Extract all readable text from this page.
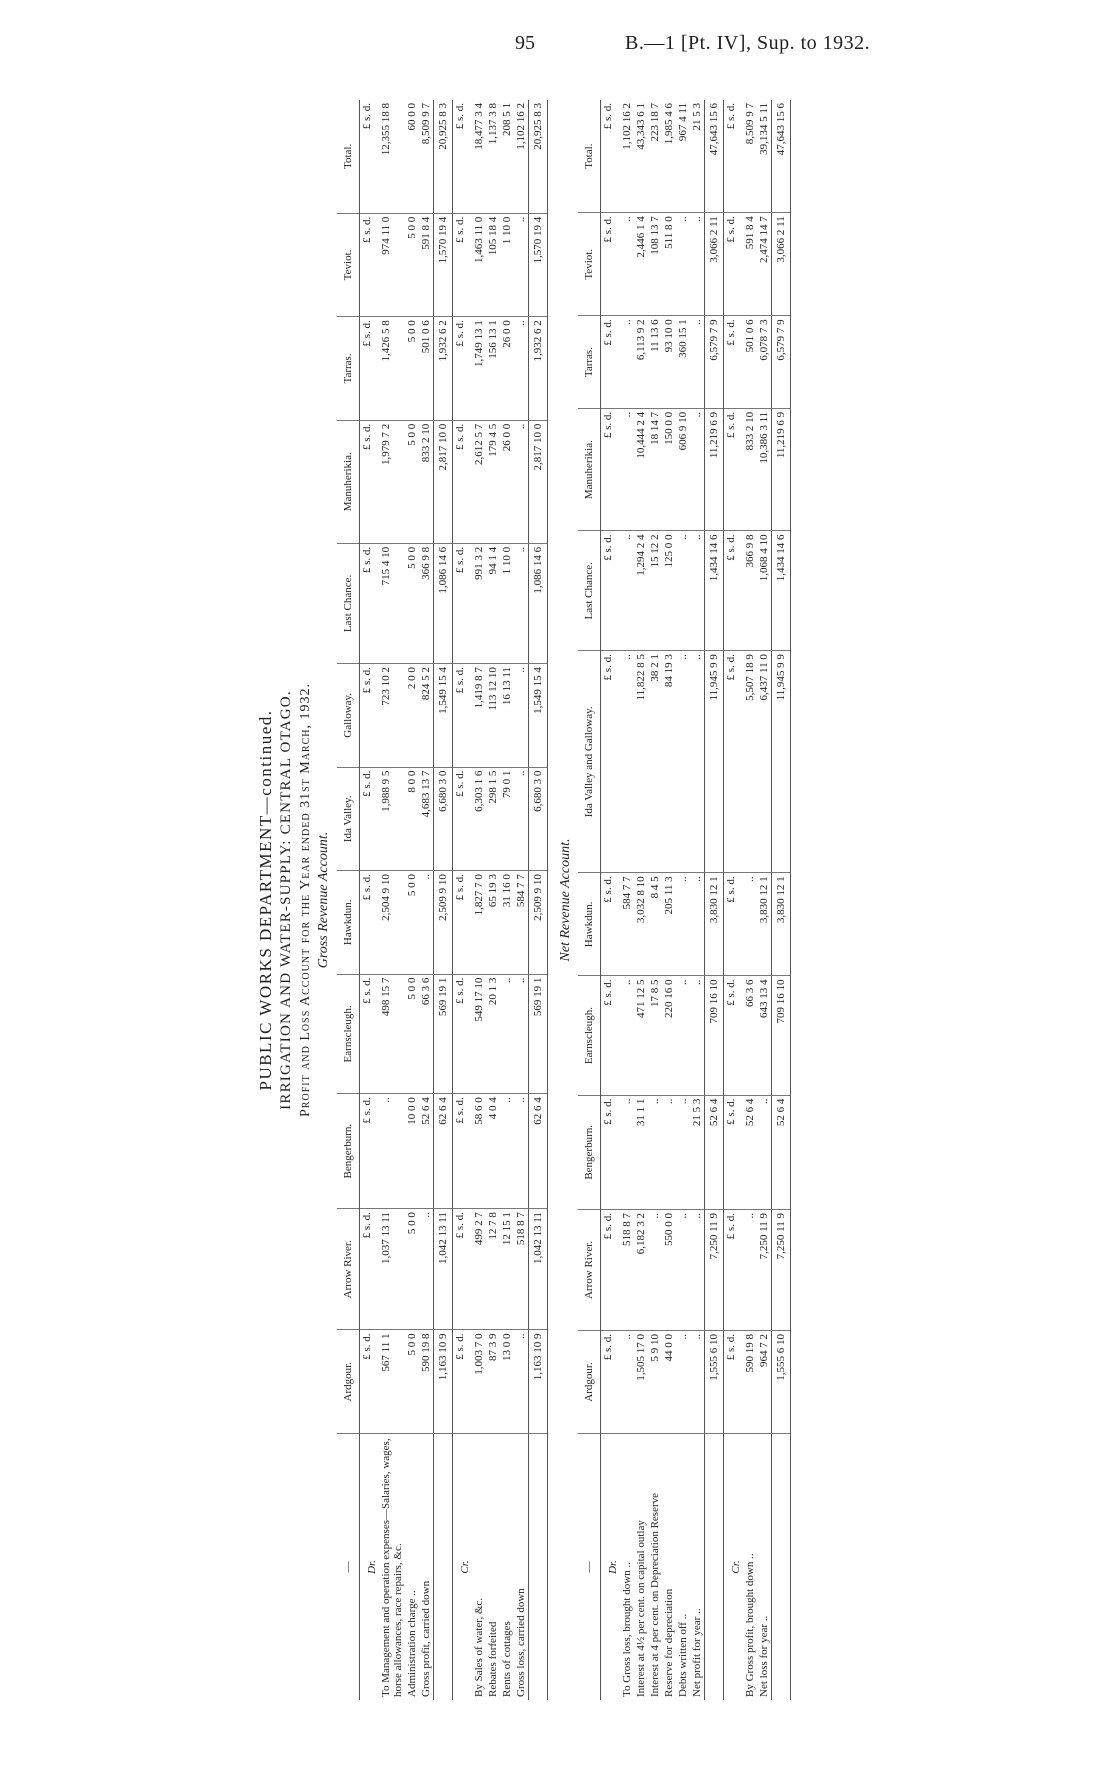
95	B.—1 [Pt. IV], Sup. to 1932.

PUBLIC WORKS DEPARTMENT—continued. IRRIGATION AND WATER-SUPPLY: CENTRAL OTAGO. Profit and Loss Account for the Year ended 31st March, 1932. Gross Revenue Account.

—	Ardgour.	Arrow River.	Bengerburn.	Earnscleugh.	Hawkdun.	Ida Valley.	Galloway.	Last Chance.	Manuherikia.	Tarras.	Teviot.	Total.
Dr.	£ s. d.	£ s. d.	£ s. d.	£ s. d.	£ s. d.	£ s. d.	£ s. d.	£ s. d.	£ s. d.	£ s. d.	£ s. d.	£ s. d.
To Management and operation expenses—Salaries, wages, horse allowances, race repairs, &c.	567 11 1	1,037 13 11	..	498 15 7	2,504 9 10	1,988 9 5	723 10 2	715 4 10	1,979 7 2	1,426 5 8	974 11 0	12,355 18 8
Administration charge ..	5 0 0	5 0 0	10 0 0	5 0 0	5 0 0	8 0 0	2 0 0	5 0 0	5 0 0	5 0 0	5 0 0	60 0 0
Gross profit, carried down	590 19 8	..	52 6 4	66 3 6	..	4,683 13 7	824 5 2	366 9 8	833 2 10	501 0 6	591 8 4	8,509 9 7
	1,163 10 9	1,042 13 11	62 6 4	569 19 1	2,509 9 10	6,680 3 0	1,549 15 4	1,086 14 6	2,817 10 0	1,932 6 2	1,570 19 4	20,925 8 3
Cr.	£ s. d.	£ s. d.	£ s. d.	£ s. d.	£ s. d.	£ s. d.	£ s. d.	£ s. d.	£ s. d.	£ s. d.	£ s. d.	£ s. d.
By Sales of water, &c.	1,003 7 0	499 2 7	58 6 0	549 17 10	1,827 7 0	6,303 1 6	1,419 8 7	991 3 2	2,612 5 7	1,749 13 1	1,463 11 0	18,477 3 4
Rebates forfeited	87 3 9	12 7 8	4 0 4	20 1 3	65 19 3	298 1 5	113 12 10	94 1 4	179 4 5	156 13 1	105 18 4	1,137 3 8
Rents of cottages	13 0 0	12 15 1	..	..	31 16 0	79 0 1	16 13 11	1 10 0	26 0 0	26 0 0	1 10 0	208 5 1
Gross loss, carried down	..	518 8 7	..	..	584 7 7	..	..	..	..	..	..	1,102 16 2
	1,163 10 9	1,042 13 11	62 6 4	569 19 1	2,509 9 10	6,680 3 0	1,549 15 4	1,086 14 6	2,817 10 0	1,932 6 2	1,570 19 4	20,925 8 3

Net Revenue Account.

—	Ardgour.	Arrow River.	Bengerburn.	Earnscleugh.	Hawkdun.	Ida Valley and Galloway.	Last Chance.	Manuherikia.	Tarras.	Teviot.	Total.
Dr.	£ s. d.	£ s. d.	£ s. d.	£ s. d.	£ s. d.	£ s. d.	£ s. d.	£ s. d.	£ s. d.	£ s. d.	£ s. d.
To Gross loss, brought down ..	..	518 8 7	..	..	584 7 7	..	..	..	..	..	1,102 16 2
Interest at 4½ per cent. on capital outlay	1,505 17 0	6,182 3 2	31 1 1	471 12 5	3,032 8 10	11,822 8 5	1,294 2 4	10,444 2 4	6,113 9 2	2,446 1 4	43,343 6 1
Interest at 4 per cent. on Depreciation Reserve	5 9 10	..	..	17 8 5	8 4 5	38 2 1	15 12 2	18 14 7	11 13 6	108 13 7	223 18 7
Reserve for depreciation	44 0 0	550 0 0	..	220 16 0	205 11 3	84 19 3	125 0 0	150 0 0	93 10 0	511 8 0	1,985 4 6
Debts written off ..	..	..	..	..	..	..	..	606 9 10	360 15 1	..	967 4 11
Net profit for year ..	..	..	21 5 3	..	..	..	..	..	..	..	21 5 3
	1,555 6 10	7,250 11 9	52 6 4	709 16 10	3,830 12 1	11,945 9 9	1,434 14 6	11,219 6 9	6,579 7 9	3,066 2 11	47,643 15 6
Cr.	£ s. d.	£ s. d.	£ s. d.	£ s. d.	£ s. d.	£ s. d.	£ s. d.	£ s. d.	£ s. d.	£ s. d.	£ s. d.
By Gross profit, brought down ..	590 19 8	..	52 6 4	66 3 6	..	5,507 18 9	366 9 8	833 2 10	501 0 6	591 8 4	8,509 9 7
Net loss for year ..	964 7 2	7,250 11 9	..	643 13 4	3,830 12 1	6,437 11 0	1,068 4 10	10,386 3 11	6,078 7 3	2,474 14 7	39,134 5 11
	1,555 6 10	7,250 11 9	52 6 4	709 16 10	3,830 12 1	11,945 9 9	1,434 14 6	11,219 6 9	6,579 7 9	3,066 2 11	47,643 15 6
